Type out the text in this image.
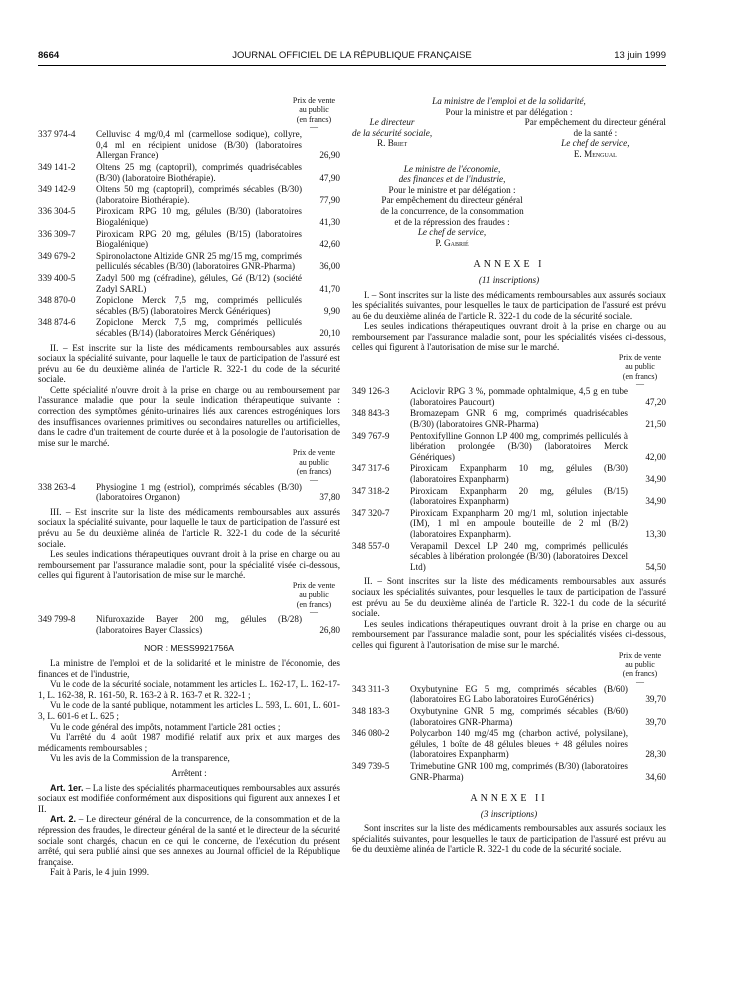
8664	JOURNAL OFFICIEL DE LA RÉPUBLIQUE FRANÇAISE	13 juin 1999
Prix de vente
au public
(en francs)
—
337 974-4	Celluvisc 4 mg/0,4 ml (carmellose sodique), collyre, 0,4 ml en récipient unidose (B/30) (laboratoires Allergan France)	26,90
349 141-2	Oltens 25 mg (captopril), comprimés quadrisécables (B/30) (laboratoire Biothérapie).	47,90
349 142-9	Oltens 50 mg (captopril), comprimés sécables (B/30) (laboratoire Biothérapie).	77,90
336 304-5	Piroxicam RPG 10 mg, gélules (B/30) (laboratoires Biogalénique)	41,30
336 309-7	Piroxicam RPG 20 mg, gélules (B/15) (laboratoires Biogalénique)	42,60
349 679-2	Spironolactone Altizide GNR 25 mg/15 mg, comprimés pelliculés sécables (B/30) (laboratoires GNR-Pharma)	36,00
339 400-5	Zadyl 500 mg (céfradine), gélules, Gé (B/12) (société Zadyl SARL)	41,70
348 870-0	Zopiclone Merck 7,5 mg, comprimés pelliculés sécables (B/5) (laboratoires Merck Génériques)	9,90
348 874-6	Zopiclone Merck 7,5 mg, comprimés pelliculés sécables (B/14) (laboratoires Merck Génériques)	20,10

II. – Est inscrite sur la liste des médicaments remboursables aux assurés sociaux la spécialité suivante, pour laquelle le taux de participation de l'assuré est prévu au 6e du deuxième alinéa de l'article R. 322-1 du code de la sécurité sociale.

Cette spécialité n'ouvre droit à la prise en charge ou au remboursement par l'assurance maladie que pour la seule indication thérapeutique suivante : correction des symptômes génito-urinaires liés aux carences estrogéniques lors des insuffisances ovariennes primitives ou secondaires naturelles ou artificielles, dans le cadre d'un traitement de courte durée et à la posologie de l'autorisation de mise sur le marché.

Prix de vente
au public
(en francs)
—
338 263-4	Physiogine 1 mg (estriol), comprimés sécables (B/30) (laboratoires Organon)	37,80

III. – Est inscrite sur la liste des médicaments remboursables aux assurés sociaux la spécialité suivante, pour laquelle le taux de participation de l'assuré est prévu au 5e du deuxième alinéa de l'article R. 322-1 du code de la sécurité sociale.

Les seules indications thérapeutiques ouvrant droit à la prise en charge ou au remboursement par l'assurance maladie sont, pour la spécialité visée ci-dessous, celles qui figurent à l'autorisation de mise sur le marché.

Prix de vente
au public
(en francs)
—
349 799-8	Nifuroxazide Bayer 200 mg, gélules (B/28) (laboratoires Bayer Classics)	26,80
NOR : MESS9921756A

La ministre de l'emploi et de la solidarité et le ministre de l'économie, des finances et de l'industrie,

Vu le code de la sécurité sociale, notamment les articles L. 162-17, L. 162-17-1, L. 162-38, R. 161-50, R. 163-2 à R. 163-7 et R. 322-1 ;

Vu le code de la santé publique, notamment les articles L. 593, L. 601, L. 601-3, L. 601-6 et L. 625 ;

Vu le code général des impôts, notamment l'article 281 octies ;

Vu l'arrêté du 4 août 1987 modifié relatif aux prix et aux marges des médicaments remboursables ;

Vu les avis de la Commission de la transparence,

Arrêtent :

Art. 1er. – La liste des spécialités pharmaceutiques remboursables aux assurés sociaux est modifiée conformément aux dispositions qui figurent aux annexes I et II.

Art. 2. – Le directeur général de la concurrence, de la consommation et de la répression des fraudes, le directeur général de la santé et le directeur de la sécurité sociale sont chargés, chacun en ce qui le concerne, de l'exécution du présent arrêté, qui sera publié ainsi que ses annexes au Journal officiel de la République française.

Fait à Paris, le 4 juin 1999.

La ministre de l'emploi et de la solidarité,

Pour la ministre et par délégation :

Le directeur
de la sécurité sociale,
R. Briet
Par empêchement du directeur général
de la santé :
Le chef de service,
E. Mengual
Le ministre de l'économie,
des finances et de l'industrie,
Pour le ministre et par délégation :
Par empêchement du directeur général
de la concurrence, de la consommation
et de la répression des fraudes :
Le chef de service,
P. Gabrié
ANNEXE I

(11 inscriptions)

I. – Sont inscrites sur la liste des médicaments remboursables aux assurés sociaux les spécialités suivantes, pour lesquelles le taux de participation de l'assuré est prévu au 6e du deuxième alinéa de l'article R. 322-1 du code de la sécurité sociale.

Les seules indications thérapeutiques ouvrant droit à la prise en charge ou au remboursement par l'assurance maladie sont, pour les spécialités visées ci-dessous, celles qui figurent à l'autorisation de mise sur le marché.

Prix de vente
au public
(en francs)
—
349 126-3	Aciclovir RPG 3 %, pommade ophtalmique, 4,5 g en tube (laboratoires Paucourt)	47,20
348 843-3	Bromazepam GNR 6 mg, comprimés quadrisécables (B/30) (laboratoires GNR-Pharma)	21,50
349 767-9	Pentoxifylline Gonnon LP 400 mg, comprimés pelliculés à libération prolongée (B/30) (laboratoires Merck Génériques)	42,00
347 317-6	Piroxicam Expanpharm 10 mg, gélules (B/30) (laboratoires Expanpharm)	34,90
347 318-2	Piroxicam Expanpharm 20 mg, gélules (B/15) (laboratoires Expanpharm)	34,90
347 320-7	Piroxicam Expanpharm 20 mg/1 ml, solution injectable (IM), 1 ml en ampoule bouteille de 2 ml (B/2) (laboratoires Expanpharm).	13,30
348 557-0	Verapamil Dexcel LP 240 mg, comprimés pelliculés sécables à libération prolongée (B/30) (laboratoires Dexcel Ltd)	54,50

II. – Sont inscrites sur la liste des médicaments remboursables aux assurés sociaux les spécialités suivantes, pour lesquelles le taux de participation de l'assuré est prévu au 5e du deuxième alinéa de l'article R. 322-1 du code de la sécurité sociale.

Les seules indications thérapeutiques ouvrant droit à la prise en charge ou au remboursement par l'assurance maladie sont, pour les spécialités visées ci-dessous, celles qui figurent à l'autorisation de mise sur le marché.

Prix de vente
au public
(en francs)
—
343 311-3	Oxybutynine EG 5 mg, comprimés sécables (B/60) (laboratoires EG Labo laboratoires EuroGénérics)	39,70
348 183-3	Oxybutynine GNR 5 mg, comprimés sécables (B/60) (laboratoires GNR-Pharma)	39,70
346 080-2	Polycarbon 140 mg/45 mg (charbon activé, polysilane), gélules, 1 boîte de 48 gélules bleues + 48 gélules noires (laboratoires Expanpharm)	28,30
349 739-5	Trimebutine GNR 100 mg, comprimés (B/30) (laboratoires GNR-Pharma)	34,60
ANNEXE II

(3 inscriptions)

Sont inscrites sur la liste des médicaments remboursables aux assurés sociaux les spécialités suivantes, pour lesquelles le taux de participation de l'assuré est prévu au 6e du deuxième alinéa de l'article R. 322-1 du code de la sécurité sociale.
